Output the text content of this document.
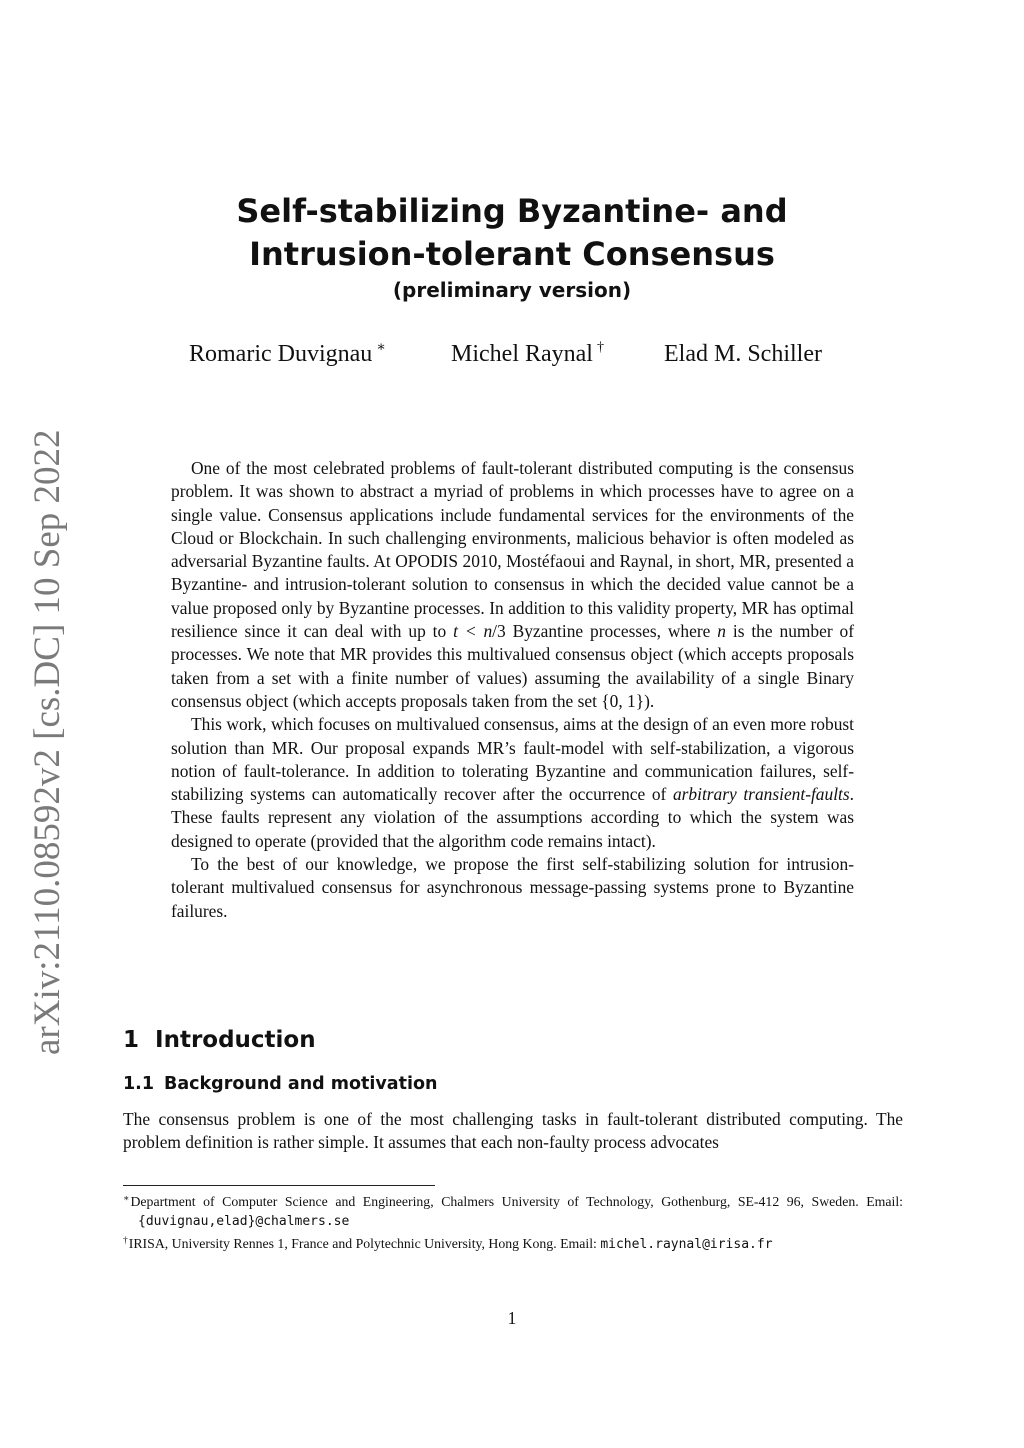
arXiv:2110.08592v2 [cs.DC] 10 Sep 2022
Self-stabilizing Byzantine- and
Intrusion-tolerant Consensus
(preliminary version)
Romaric Duvignau ∗	Michel Raynal †	Elad M. Schiller

One of the most celebrated problems of fault-tolerant distributed computing is the consensus problem. It was shown to abstract a myriad of problems in which processes have to agree on a single value. Consensus applications include fundamental services for the environments of the Cloud or Blockchain. In such challenging environments, malicious behavior is often modeled as adversarial Byzantine faults. At OPODIS 2010, Mostéfaoui and Raynal, in short, MR, presented a Byzantine- and intrusion-tolerant solution to consensus in which the decided value cannot be a value proposed only by Byzantine processes. In addition to this validity property, MR has optimal resilience since it can deal with up to t < n/3 Byzantine processes, where n is the number of processes. We note that MR provides this multivalued consensus object (which accepts proposals taken from a set with a finite number of values) assuming the availability of a single Binary consensus object (which accepts proposals taken from the set {0, 1}).

This work, which focuses on multivalued consensus, aims at the design of an even more robust solution than MR. Our proposal expands MR’s fault-model with self-stabilization, a vigorous notion of fault-tolerance. In addition to tolerating Byzantine and communication failures, self-stabilizing systems can automatically recover after the occurrence of arbitrary transient-faults. These faults represent any violation of the assumptions according to which the system was designed to operate (provided that the algorithm code remains intact).

To the best of our knowledge, we propose the first self-stabilizing solution for intrusion-tolerant multivalued consensus for asynchronous message-passing systems prone to Byzantine failures.

1 Introduction
1.1 Background and motivation

The consensus problem is one of the most challenging tasks in fault-tolerant distributed computing. The problem definition is rather simple. It assumes that each non-faulty process advocates

∗Department of Computer Science and Engineering, Chalmers University of Technology, Gothenburg, SE-412 96, Sweden. Email: {duvignau,elad}@chalmers.se

†IRISA, University Rennes 1, France and Polytechnic University, Hong Kong. Email: michel.raynal@irisa.fr

1
